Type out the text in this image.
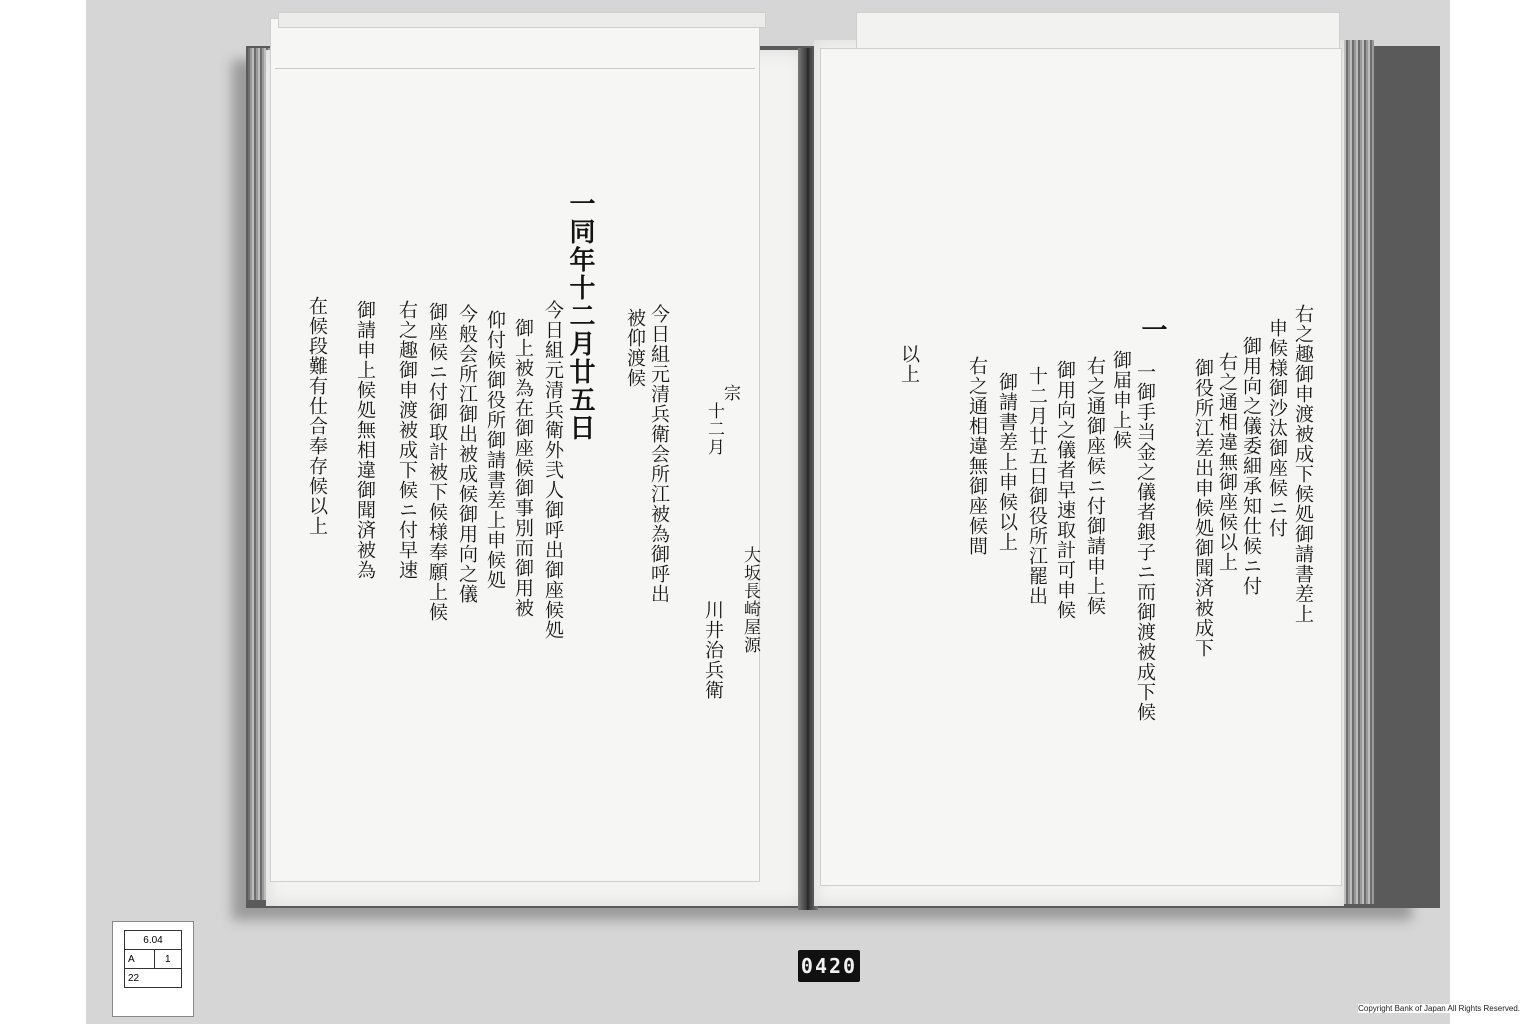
一同年十二月廿五日	今日組元清兵衛会所江被為御呼出
被仰渡候
宗
十二月
大坂長崎屋源
川井治兵衛
今日組元清兵衛外弐人御呼出御座候処
御上被為在御座候御事別而御用被
仰付候御役所御請書差上申候処
今般会所江御出被成候御用向之儀
御座候ニ付御取計被下候様奉願上候
右之趣御申渡被成下候ニ付早速
御請申上候処無相違御聞済被為
在候段難有仕合奉存候以上	右之趣御申渡被成下候処御請書差上
申候様御沙汰御座候ニ付
御用向之儀委細承知仕候ニ付
右之通相違無御座候以上
御役所江差出申候処御聞済被成下
一
御届申上候 一御手当金之儀者銀子ニ而御渡被成下候
右之通御座候ニ付御請申上候
御用向之儀者早速取計可申候
十二月廿五日御役所江罷出
御請書差上申候以上
右之通相違無御座候間
以上
6.04
A	1
22	0420
Copyright Bank of Japan All Rights Reserved.
